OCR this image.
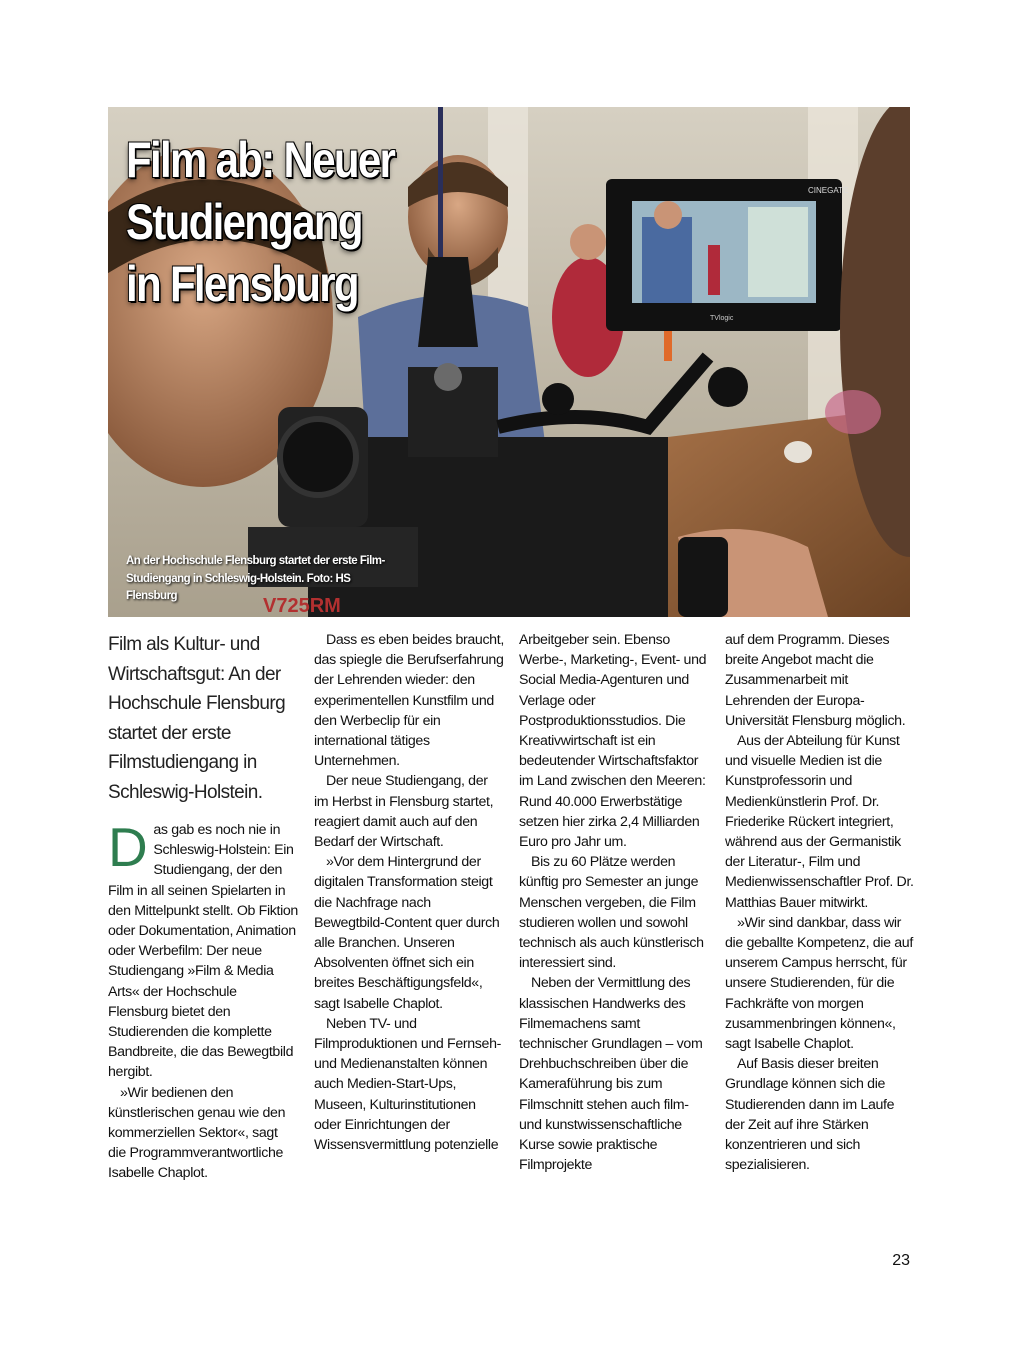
V725RM
CINEGATE
TVlogic
Film ab: Neuer
Studiengang
in Flensburg

An der Hochschule Flensburg startet der erste Film-Studiengang in Schleswig-Holstein. Foto: HS Flensburg

Film als Kultur- und Wirtschaftsgut: An der Hochschule Flensburg startet der erste Filmstudiengang in Schleswig-Holstein.

Das gab es noch nie in Schleswig-Holstein: Ein Studiengang, der den Film in all seinen Spielarten in den Mittelpunkt stellt. Ob Fiktion oder Dokumentation, Animation oder Werbefilm: Der neue Studiengang »Film & Media Arts« der Hochschule Flensburg bietet den Studierenden die komplette Bandbreite, die das Bewegtbild hergibt.

»Wir bedienen den künstlerischen genau wie den kommerziellen Sektor«, sagt die Programmverantwortliche Isabelle Chaplot.

Dass es eben beides braucht, das spiegle die Berufserfahrung der Lehrenden wieder: den experimentellen Kunstfilm und den Werbeclip für ein international tätiges Unternehmen.

Der neue Studiengang, der im Herbst in Flensburg startet, reagiert damit auch auf den Bedarf der Wirtschaft.

»Vor dem Hintergrund der digitalen Transformation steigt die Nachfrage nach Bewegtbild-Content quer durch alle Branchen. Unseren Absolventen öffnet sich ein breites Beschäftigungsfeld«, sagt Isabelle Chaplot.

Neben TV- und Filmproduktionen und Fernseh- und Medienanstalten können auch Medien-Start-Ups, Museen, Kulturinstitutionen oder Einrichtungen der Wissensvermittlung potenzielle

Arbeitgeber sein. Ebenso Werbe-, Marketing-, Event- und Social Media-Agenturen und Verlage oder Postproduktionsstudios. Die Kreativwirtschaft ist ein bedeutender Wirtschaftsfaktor im Land zwischen den Meeren: Rund 40.000 Erwerbstätige setzen hier zirka 2,4 Milliarden Euro pro Jahr um.

Bis zu 60 Plätze werden künftig pro Semester an junge Menschen vergeben, die Film studieren wollen und sowohl technisch als auch künstlerisch interessiert sind.

Neben der Vermittlung des klassischen Handwerks des Filmemachens samt technischer Grundlagen – vom Drehbuchschreiben über die Kameraführung bis zum Filmschnitt stehen auch film- und kunstwissenschaftliche Kurse sowie praktische Filmprojekte

auf dem Programm. Dieses breite Angebot macht die Zusammenarbeit mit Lehrenden der Europa-Universität Flensburg möglich.

Aus der Abteilung für Kunst und visuelle Medien ist die Kunstprofessorin und Medienkünstlerin Prof. Dr. Friederike Rückert integriert, während aus der Germanistik der Literatur-, Film und Medienwissenschaftler Prof. Dr. Matthias Bauer mitwirkt.

»Wir sind dankbar, dass wir die geballte Kompetenz, die auf unserem Campus herrscht, für unsere Studierenden, für die Fachkräfte von morgen zusammenbringen können«, sagt Isabelle Chaplot.

Auf Basis dieser breiten Grundlage können sich die Studierenden dann im Laufe der Zeit auf ihre Stärken konzentrieren und sich spezialisieren.

23
